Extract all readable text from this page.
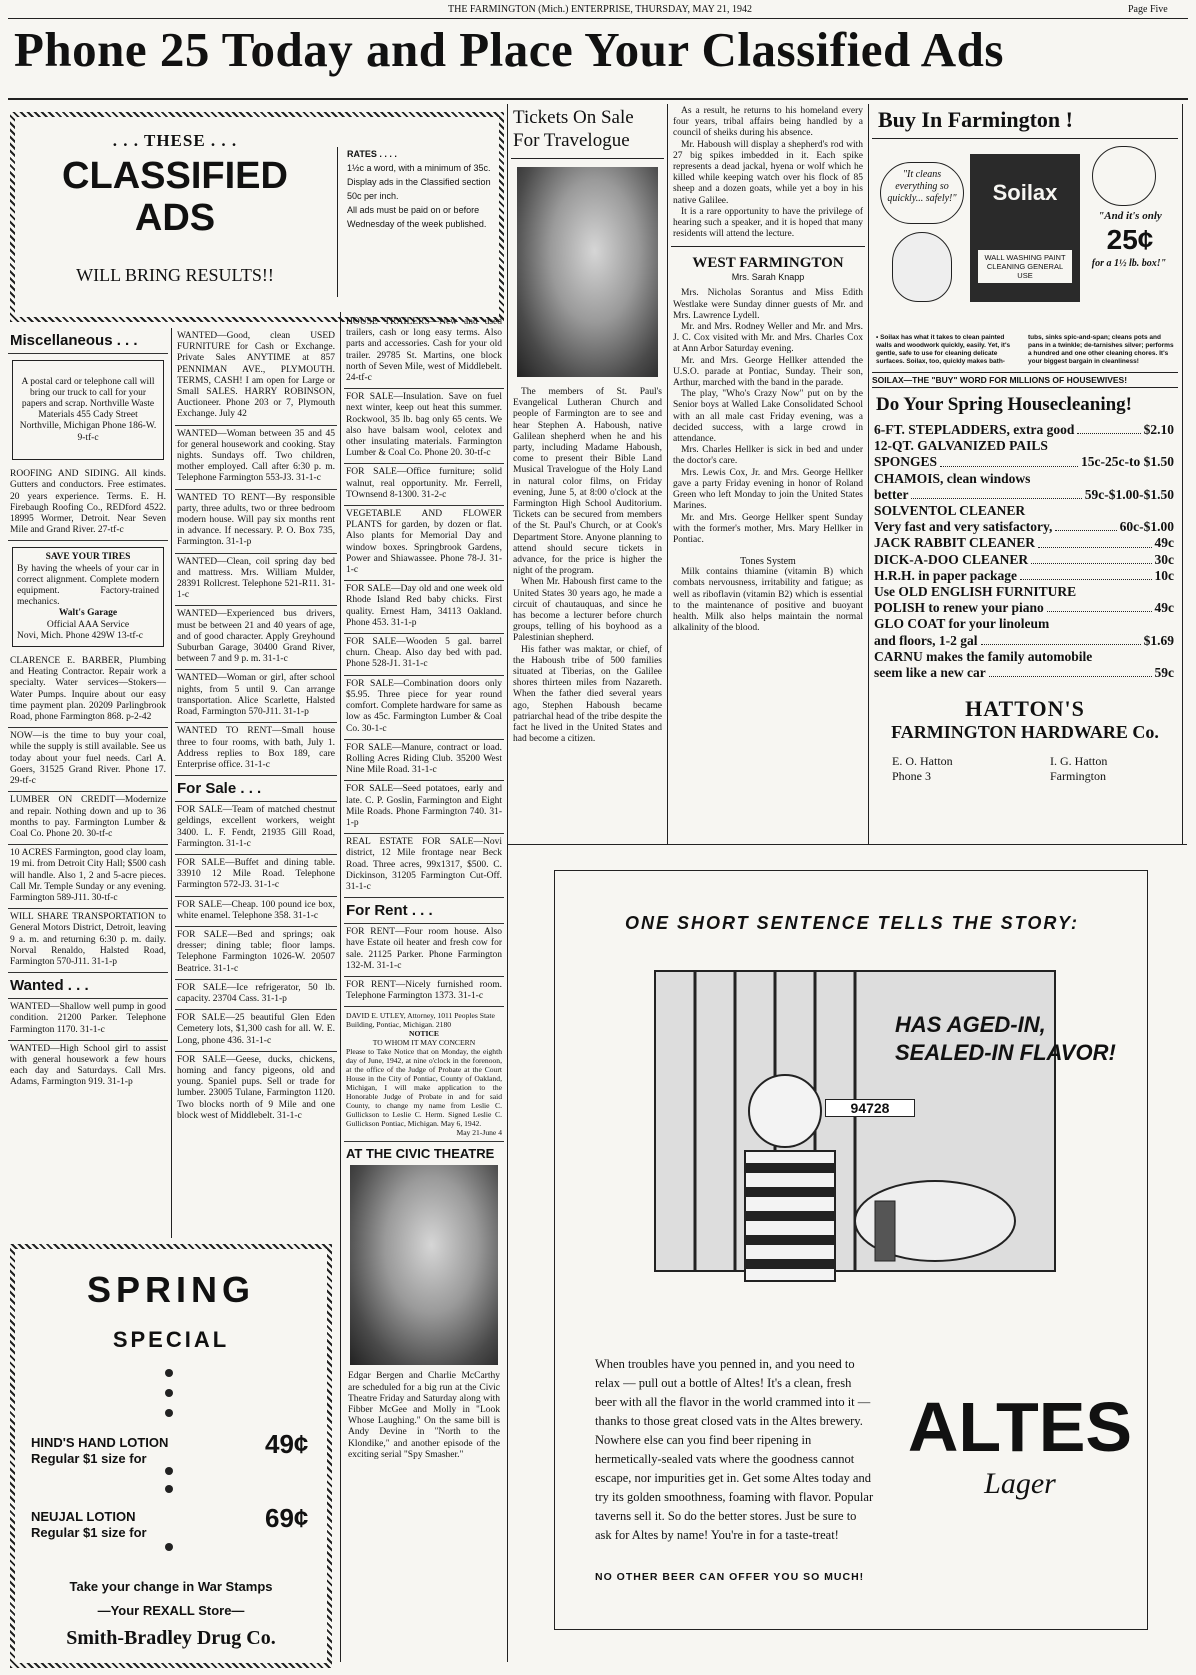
THE FARMINGTON (Mich.) ENTERPRISE, THURSDAY, MAY 21, 1942	Page Five
Phone 25 Today and Place Your Classified Ads
. . . THESE . . .
CLASSIFIED
ADS
WILL BRING RESULTS!!
RATES . . . .
1½c a word, with a minimum of 35c.
Display ads in the Classified section 50c per inch.
All ads must be paid on or before Wednesday of the week published.
Miscellaneous . . .

A postal card or telephone call will bring our truck to call for your papers and scrap. Northville Waste Materials 455 Cady Street Northville, Michigan Phone 186-W. 9-tf-c

ROOFING AND SIDING. All kinds. Gutters and conductors. Free estimates. 20 years experience. Terms. E. H. Firebaugh Roofing Co., REDford 4522. 18995 Wormer, Detroit. Near Seven Mile and Grand River. 27-tf-c

SAVE YOUR TIRES

By having the wheels of your car in correct alignment. Complete modern equipment. Factory-trained mechanics.

Walt's Garage
Official AAA Service
Novi, Mich. Phone 429W 13-tf-c

CLARENCE E. BARBER, Plumbing and Heating Contractor. Repair work a specialty. Water services—Stokers—Water Pumps. Inquire about our easy time payment plan. 20209 Parlingbrook Road, phone Farmington 868. p-2-42

NOW—is the time to buy your coal, while the supply is still available. See us today about your fuel needs. Carl A. Goers, 31525 Grand River. Phone 17. 29-tf-c

LUMBER ON CREDIT—Modernize and repair. Nothing down and up to 36 months to pay. Farmington Lumber & Coal Co. Phone 20. 30-tf-c

10 ACRES Farmington, good clay loam, 19 mi. from Detroit City Hall; $500 cash will handle. Also 1, 2 and 5-acre pieces. Call Mr. Temple Sunday or any evening. Farmington 589-J11. 30-tf-c

WILL SHARE TRANSPORTATION to General Motors District, Detroit, leaving 9 a. m. and returning 6:30 p. m. daily. Norval Renaldo, Halsted Road, Farmington 570-J11. 31-1-p

Wanted . . .

WANTED—Shallow well pump in good condition. 21200 Parker. Telephone Farmington 1170. 31-1-c

WANTED—High School girl to assist with general housework a few hours each day and Saturdays. Call Mrs. Adams, Farmington 919. 31-1-p

WANTED—Good, clean USED FURNITURE for Cash or Exchange. Private Sales ANYTIME at 857 PENNIMAN AVE., PLYMOUTH. TERMS, CASH! I am open for Large or Small SALES. HARRY ROBINSON, Auctioneer. Phone 203 or 7, Plymouth Exchange. July 42

WANTED—Woman between 35 and 45 for general housework and cooking. Stay nights. Sundays off. Two children, mother employed. Call after 6:30 p. m. Telephone Farmington 553-J3. 31-1-c

WANTED TO RENT—By responsible party, three adults, two or three bedroom modern house. Will pay six months rent in advance. If necessary. P. O. Box 735, Farmington. 31-1-p

WANTED—Clean, coil spring day bed and mattress. Mrs. William Mulder, 28391 Rollcrest. Telephone 521-R11. 31-1-c

WANTED—Experienced bus drivers, must be between 21 and 40 years of age, and of good character. Apply Greyhound Suburban Garage, 30400 Grand River, between 7 and 9 p. m. 31-1-c

WANTED—Woman or girl, after school nights, from 5 until 9. Can arrange transportation. Alice Scarlette, Halsted Road, Farmington 570-J11. 31-1-p

WANTED TO RENT—Small house three to four rooms, with bath, July 1. Address replies to Box 189, care Enterprise office. 31-1-c

For Sale . . .

FOR SALE—Team of matched chestnut geldings, excellent workers, weight 3400. L. F. Fendt, 21935 Gill Road, Farmington. 31-1-c

FOR SALE—Buffet and dining table. 33910 12 Mile Road. Telephone Farmington 572-J3. 31-1-c

FOR SALE—Cheap. 100 pound ice box, white enamel. Telephone 358. 31-1-c

FOR SALE—Bed and springs; oak dresser; dining table; floor lamps. Telephone Farmington 1026-W. 20507 Beatrice. 31-1-c

FOR SALE—Ice refrigerator, 50 lb. capacity. 23704 Cass. 31-1-p

FOR SALE—25 beautiful Glen Eden Cemetery lots, $1,300 cash for all. W. E. Long, phone 436. 31-1-c

FOR SALE—Geese, ducks, chickens, homing and fancy pigeons, old and young. Spaniel pups. Sell or trade for lumber. 23005 Tulane, Farmington 1120. Two blocks north of 9 Mile and one block west of Middlebelt. 31-1-c

HOUSE TRAILERS—New and used trailers, cash or long easy terms. Also parts and accessories. Cash for your old trailer. 29785 St. Martins, one block north of Seven Mile, west of Middlebelt. 24-tf-c

FOR SALE—Insulation. Save on fuel next winter, keep out heat this summer. Rockwool, 35 lb. bag only 65 cents. We also have balsam wool, celotex and other insulating materials. Farmington Lumber & Coal Co. Phone 20. 30-tf-c

FOR SALE—Office furniture; solid walnut, real opportunity. Mr. Ferrell, TOwnsend 8-1300. 31-2-c

VEGETABLE AND FLOWER PLANTS for garden, by dozen or flat. Also plants for Memorial Day and window boxes. Springbrook Gardens, Power and Shiawassee. Phone 78-J. 31-1-c

FOR SALE—Day old and one week old Rhode Island Red baby chicks. First quality. Ernest Ham, 34113 Oakland. Phone 453. 31-1-p

FOR SALE—Wooden 5 gal. barrel churn. Cheap. Also day bed with pad. Phone 528-J1. 31-1-c

FOR SALE—Combination doors only $5.95. Three piece for year round comfort. Complete hardware for same as low as 45c. Farmington Lumber & Coal Co. 30-1-c

FOR SALE—Manure, contract or load. Rolling Acres Riding Club. 35200 West Nine Mile Road. 31-1-c

FOR SALE—Seed potatoes, early and late. C. P. Goslin, Farmington and Eight Mile Roads. Phone Farmington 740. 31-1-p

REAL ESTATE FOR SALE—Novi district, 12 Mile frontage near Beck Road. Three acres, 99x1317, $500. C. Dickinson, 31205 Farmington Cut-Off. 31-1-c

For Rent . . .

FOR RENT—Four room house. Also have Estate oil heater and fresh cow for sale. 21125 Parker. Phone Farmington 132-M. 31-1-c

FOR RENT—Nicely furnished room. Telephone Farmington 1373. 31-1-c

DAVID E. UTLEY, Attorney, 1011 Peoples State Building, Pontiac, Michigan. 2180
NOTICE
TO WHOM IT MAY CONCERN
Please to Take Notice that on Monday, the eighth day of June, 1942, at nine o'clock in the forenoon, at the office of the Judge of Probate at the Court House in the City of Pontiac, County of Oakland, Michigan, I will make application to the Honorable Judge of Probate in and for said County, to change my name from Leslie C. Gullickson to Leslie C. Herm. Signed Leslie C. Gullickson Pontiac, Michigan. May 6, 1942.
May 21-June 4
AT THE CIVIC THEATRE

Edgar Bergen and Charlie McCarthy are scheduled for a big run at the Civic Theatre Friday and Saturday along with Fibber McGee and Molly in "Look Whose Laughing." On the same bill is Andy Devine in "North to the Klondike," and another episode of the exciting serial "Spy Smasher."

Tickets On Sale For Travelogue

The members of St. Paul's Evangelical Lutheran Church and people of Farmington are to see and hear Stephen A. Haboush, native Galilean shepherd when he and his party, including Madame Haboush, come to present their Bible Land Musical Travelogue of the Holy Land in natural color films, on Friday evening, June 5, at 8:00 o'clock at the Farmington High School Auditorium. Tickets can be secured from members of the St. Paul's Church, or at Cook's Department Store. Anyone planning to attend should secure tickets in advance, for the price is higher the night of the program.

When Mr. Haboush first came to the United States 30 years ago, he made a circuit of chautauquas, and since he has become a lecturer before church groups, telling of his boyhood as a Palestinian shepherd.

His father was maktar, or chief, of the Haboush tribe of 500 families situated at Tiberias, on the Galilee shores thirteen miles from Nazareth. When the father died several years ago, Stephen Haboush became patriarchal head of the tribe despite the fact he lived in the United States and had become a citizen.

As a result, he returns to his homeland every four years, tribal affairs being handled by a council of sheiks during his absence.

Mr. Haboush will display a shepherd's rod with 27 big spikes imbedded in it. Each spike represents a dead jackal, hyena or wolf which he killed while keeping watch over his flock of 85 sheep and a dozen goats, while yet a boy in his native Galilee.

It is a rare opportunity to have the privilege of hearing such a speaker, and it is hoped that many residents will attend the lecture.

WEST FARMINGTON
Mrs. Sarah Knapp

Mrs. Nicholas Sorantus and Miss Edith Westlake were Sunday dinner guests of Mr. and Mrs. Lawrence Lydell.

Mr. and Mrs. Rodney Weller and Mr. and Mrs. J. C. Cox visited with Mr. and Mrs. Charles Cox at Ann Arbor Saturday evening.

Mr. and Mrs. George Hellker attended the U.S.O. parade at Pontiac, Sunday. Their son, Arthur, marched with the band in the parade.

The play, "Who's Crazy Now" put on by the Senior boys at Walled Lake Consolidated School with an all male cast Friday evening, was a decided success, with a large crowd in attendance.

Mrs. Charles Hellker is sick in bed and under the doctor's care.

Mrs. Lewis Cox, Jr. and Mrs. George Hellker gave a party Friday evening in honor of Roland Green who left Monday to join the United States Marines.

Mr. and Mrs. George Hellker spent Sunday with the former's mother, Mrs. Mary Hellker in Pontiac.

Tones System

Milk contains thiamine (vitamin B) which combats nervousness, irritability and fatigue; as well as riboflavin (vitamin B2) which is essential to the maintenance of positive and buoyant health. Milk also helps maintain the normal alkalinity of the blood.

Buy In Farmington !
"It cleans everything so quickly... safely!"	Soilax
WALL WASHING PAINT CLEANING GENERAL USE
"And it's only
25¢
for a 1½ lb. box!"
• Soilax has what it takes to clean painted walls and woodwork quickly, easily. Yet, it's gentle, safe to use for cleaning delicate surfaces. Soilax, too, quickly makes bath-
tubs, sinks spic-and-span; cleans pots and pans in a twinkle; de-tarnishes silver; performs a hundred and one other cleaning chores. It's your biggest bargain in cleanliness!
SOILAX—THE "BUY" WORD FOR MILLIONS OF HOUSEWIVES!
Do Your Spring Housecleaning!
6-FT. STEPLADDERS, extra good	$2.10
12-QT. GALVANIZED PAILS
SPONGES	15c-25c-to $1.50
CHAMOIS, clean windows
better	59c-$1.00-$1.50
SOLVENTOL CLEANER
Very fast and very satisfactory,	60c-$1.00
JACK RABBIT CLEANER	49c
DICK-A-DOO CLEANER	30c
H.R.H. in paper package	10c
Use OLD ENGLISH FURNITURE
POLISH to renew your piano	49c
GLO COAT for your linoleum
and floors, 1-2 gal	$1.69
CARNU makes the family automobile
seem like a new car	59c
HATTON'S
FARMINGTON HARDWARE Co.
E. O. Hatton
Phone 3
I. G. Hatton
Farmington
ONE SHORT SENTENCE TELLS THE STORY:
94728
HAS AGED-IN,
SEALED-IN FLAVOR!

When troubles have you penned in, and you need to relax — pull out a bottle of Altes! It's a clean, fresh beer with all the flavor in the world crammed into it — thanks to those great closed vats in the Altes brewery. Nowhere else can you find beer ripening in hermetically-sealed vats where the goodness cannot escape, nor impurities get in. Get some Altes today and try its golden smoothness, foaming with flavor. Popular taverns sell it. So do the better stores. Just be sure to ask for Altes by name! You're in for a taste-treat!

NO OTHER BEER CAN OFFER YOU SO MUCH!
ALTES
Lager
SPRING
SPECIAL
HIND'S HAND LOTION
Regular $1 size for	49¢
NEUJAL LOTION
Regular $1 size for	69¢
Take your change in War Stamps
—Your REXALL Store—
Smith-Bradley Drug Co.
